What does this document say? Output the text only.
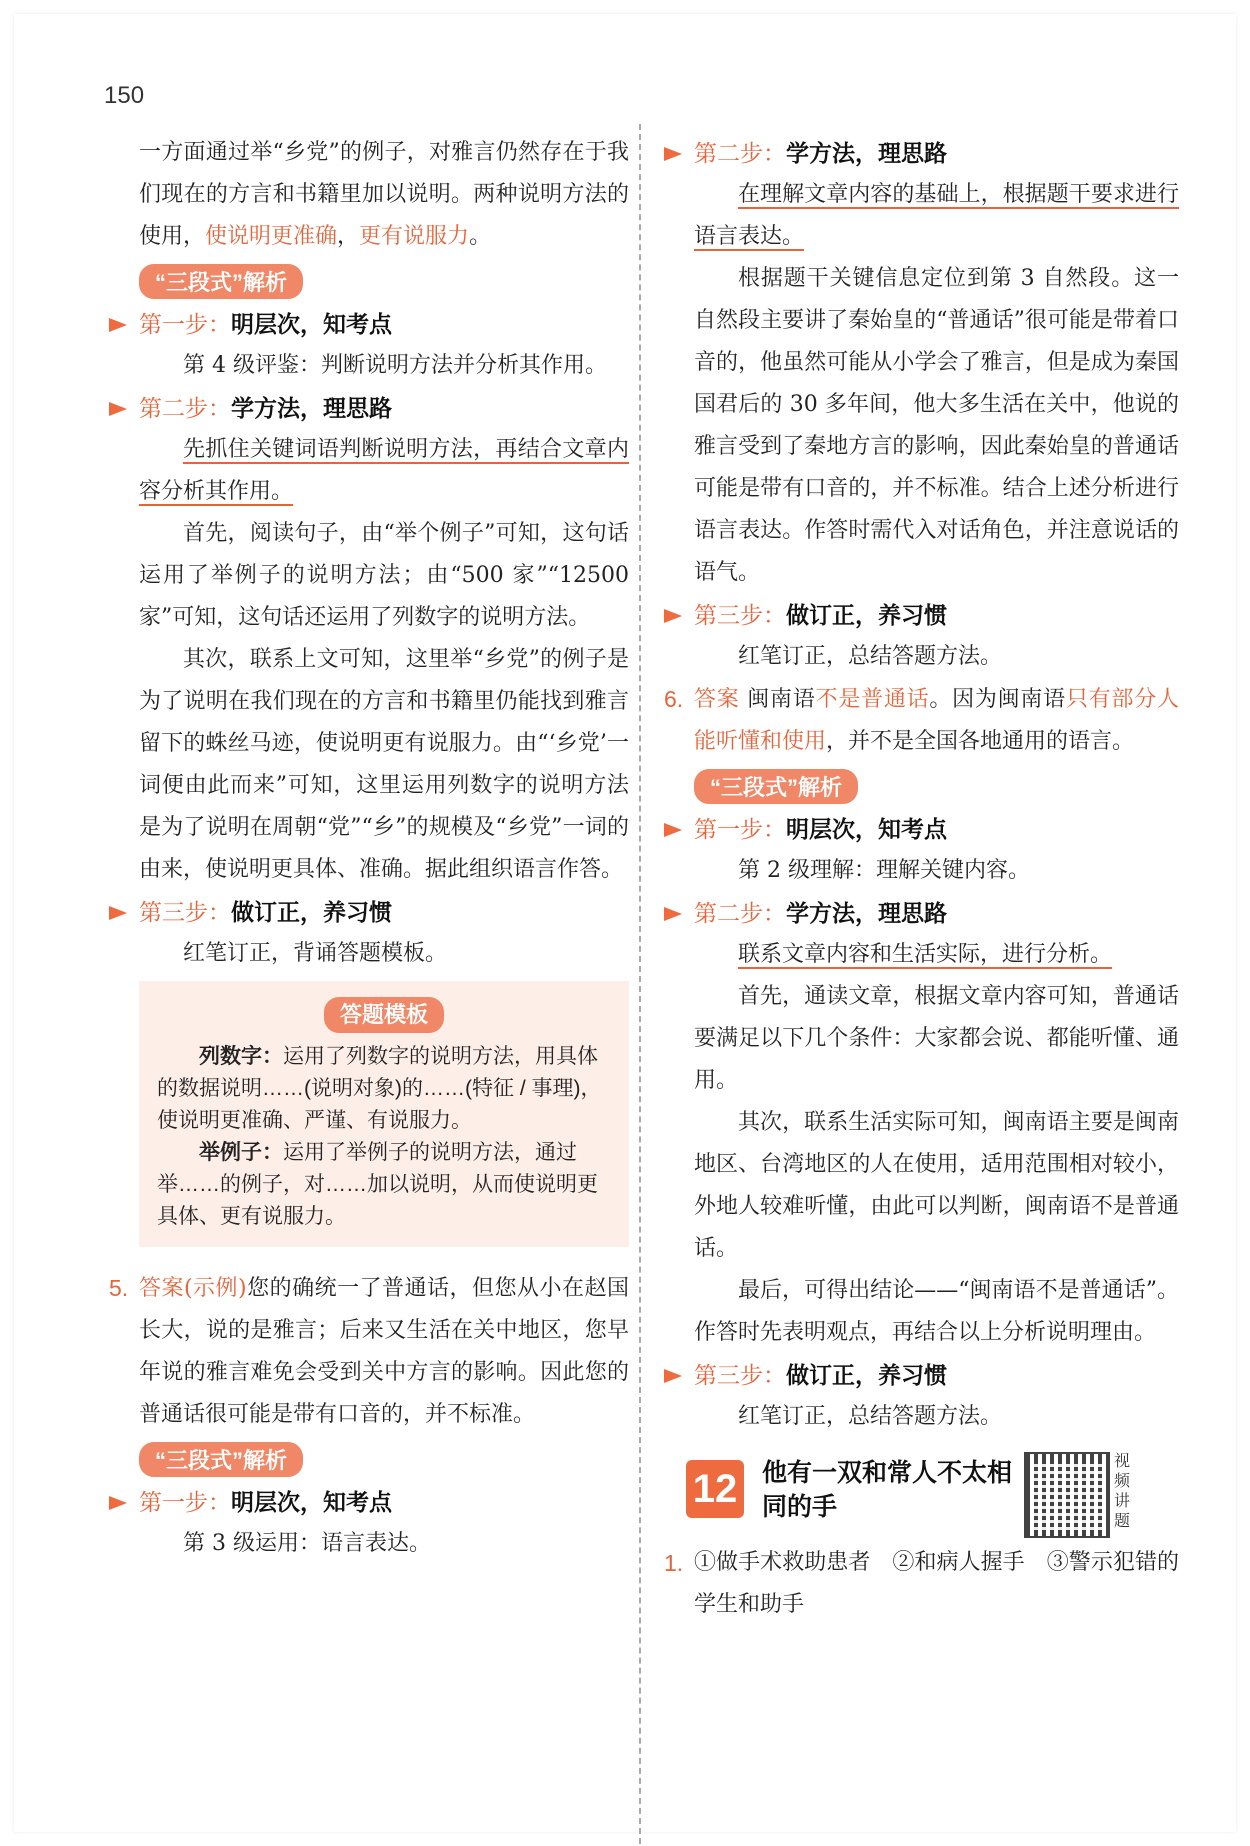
150

一方面通过举“乡党”的例子，对雅言仍然存在于我们现在的方言和书籍里加以说明。两种说明方法的使用，使说明更准确，更有说服力。

“三段式”解析
第一步：明层次，知考点

第 4 级评鉴：判断说明方法并分析其作用。

第二步：学方法，理思路

先抓住关键词语判断说明方法，再结合文章内容分析其作用。

首先，阅读句子，由“举个例子”可知，这句话运用了举例子的说明方法；由“500 家”“12500 家”可知，这句话还运用了列数字的说明方法。

其次，联系上文可知，这里举“乡党”的例子是为了说明在我们现在的方言和书籍里仍能找到雅言留下的蛛丝马迹，使说明更有说服力。由“‘乡党’一词便由此而来”可知，这里运用列数字的说明方法是为了说明在周朝“党”“乡”的规模及“乡党”一词的由来，使说明更具体、准确。据此组织语言作答。

第三步：做订正，养习惯

红笔订正，背诵答题模板。

答题模板

列数字：运用了列数字的说明方法，用具体的数据说明……(说明对象)的……(特征 / 事理)，使说明更准确、严谨、有说服力。

举例子：运用了举例子的说明方法，通过举……的例子，对……加以说明，从而使说明更具体、更有说服力。

5. 答案(示例)您的确统一了普通话，但您从小在赵国长大，说的是雅言；后来又生活在关中地区，您早年说的雅言难免会受到关中方言的影响。因此您的普通话很可能是带有口音的，并不标准。
“三段式”解析
第一步：明层次，知考点

第 3 级运用：语言表达。

第二步：学方法，理思路

在理解文章内容的基础上，根据题干要求进行语言表达。

根据题干关键信息定位到第 3 自然段。这一自然段主要讲了秦始皇的“普通话”很可能是带着口音的，他虽然可能从小学会了雅言，但是成为秦国国君后的 30 多年间，他大多生活在关中，他说的雅言受到了秦地方言的影响，因此秦始皇的普通话可能是带有口音的，并不标准。结合上述分析进行语言表达。作答时需代入对话角色，并注意说话的语气。

第三步：做订正，养习惯

红笔订正，总结答题方法。

6. 答案 闽南语不是普通话。因为闽南语只有部分人能听懂和使用，并不是全国各地通用的语言。
“三段式”解析
第一步：明层次，知考点

第 2 级理解：理解关键内容。

第二步：学方法，理思路

联系文章内容和生活实际，进行分析。

首先，通读文章，根据文章内容可知，普通话要满足以下几个条件：大家都会说、都能听懂、通用。

其次，联系生活实际可知，闽南语主要是闽南地区、台湾地区的人在使用，适用范围相对较小，外地人较难听懂，由此可以判断，闽南语不是普通话。

最后，可得出结论——“闽南语不是普通话”。作答时先表明观点，再结合以上分析说明理由。

第三步：做订正，养习惯

红笔订正，总结答题方法。

12 他有一双和常人不太相同的手
视频讲题
1. ①做手术救助患者　②和病人握手　③警示犯错的学生和助手
